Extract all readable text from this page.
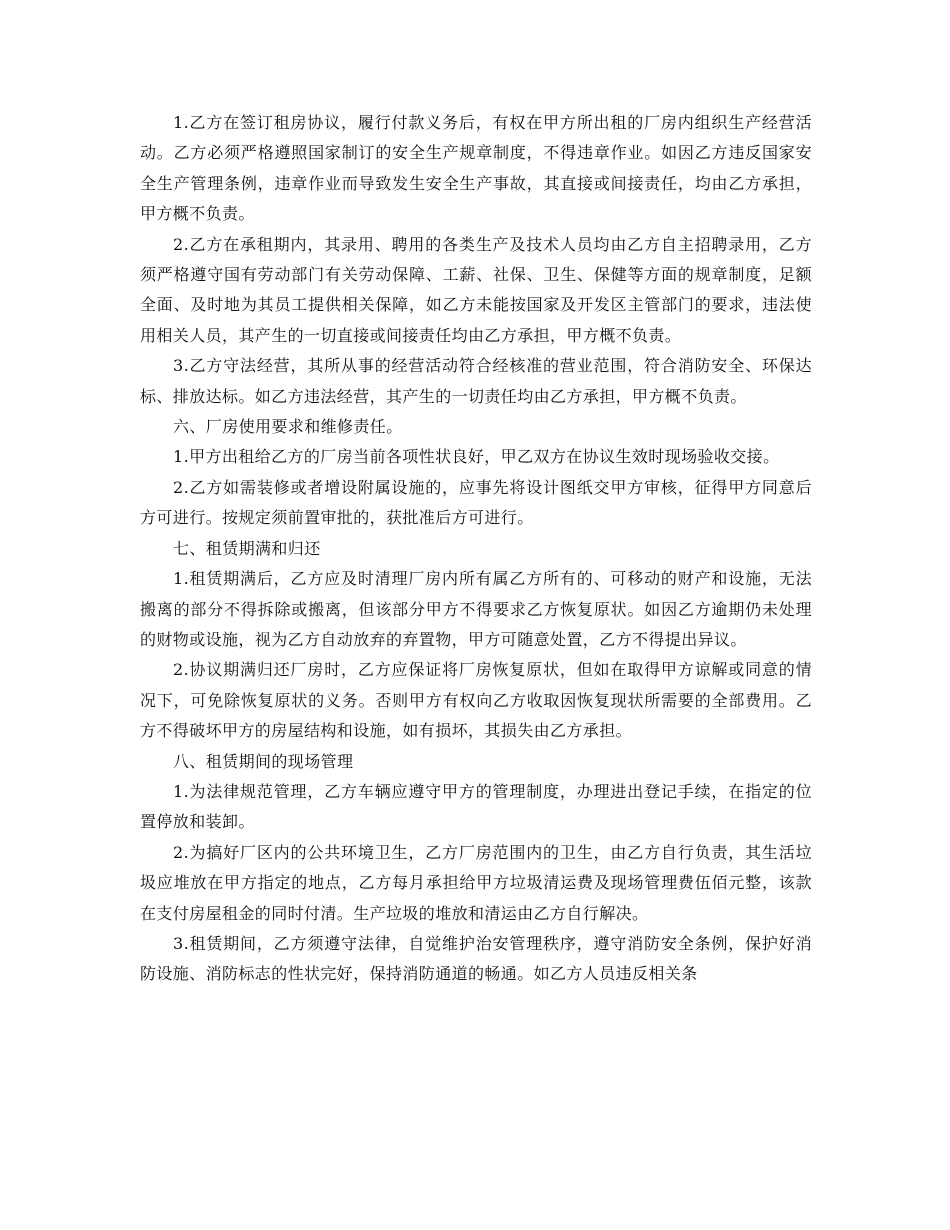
1.乙方在签订租房协议，履行付款义务后，有权在甲方所出租的厂房内组织生产经营活动。乙方必须严格遵照国家制订的安全生产规章制度，不得违章作业。如因乙方违反国家安全生产管理条例，违章作业而导致发生安全生产事故，其直接或间接责任，均由乙方承担，甲方概不负责。

2.乙方在承租期内，其录用、聘用的各类生产及技术人员均由乙方自主招聘录用，乙方须严格遵守国有劳动部门有关劳动保障、工薪、社保、卫生、保健等方面的规章制度，足额全面、及时地为其员工提供相关保障，如乙方未能按国家及开发区主管部门的要求，违法使用相关人员，其产生的一切直接或间接责任均由乙方承担，甲方概不负责。

3.乙方守法经营，其所从事的经营活动符合经核准的营业范围，符合消防安全、环保达标、排放达标。如乙方违法经营，其产生的一切责任均由乙方承担，甲方概不负责。

六、厂房使用要求和维修责任。

1.甲方出租给乙方的厂房当前各项性状良好，甲乙双方在协议生效时现场验收交接。

2.乙方如需装修或者增设附属设施的，应事先将设计图纸交甲方审核，征得甲方同意后方可进行。按规定须前置审批的，获批准后方可进行。

七、租赁期满和归还

1.租赁期满后，乙方应及时清理厂房内所有属乙方所有的、可移动的财产和设施，无法搬离的部分不得拆除或搬离，但该部分甲方不得要求乙方恢复原状。如因乙方逾期仍未处理的财物或设施，视为乙方自动放弃的弃置物，甲方可随意处置，乙方不得提出异议。

2.协议期满归还厂房时，乙方应保证将厂房恢复原状，但如在取得甲方谅解或同意的情况下，可免除恢复原状的义务。否则甲方有权向乙方收取因恢复现状所需要的全部费用。乙方不得破坏甲方的房屋结构和设施，如有损坏，其损失由乙方承担。

八、租赁期间的现场管理

1.为法律规范管理，乙方车辆应遵守甲方的管理制度，办理进出登记手续，在指定的位置停放和装卸。

2.为搞好厂区内的公共环境卫生，乙方厂房范围内的卫生，由乙方自行负责，其生活垃圾应堆放在甲方指定的地点，乙方每月承担给甲方垃圾清运费及现场管理费伍佰元整，该款在支付房屋租金的同时付清。生产垃圾的堆放和清运由乙方自行解决。

3.租赁期间，乙方须遵守法律，自觉维护治安管理秩序，遵守消防安全条例，保护好消防设施、消防标志的性状完好，保持消防通道的畅通。如乙方人员违反相关条
